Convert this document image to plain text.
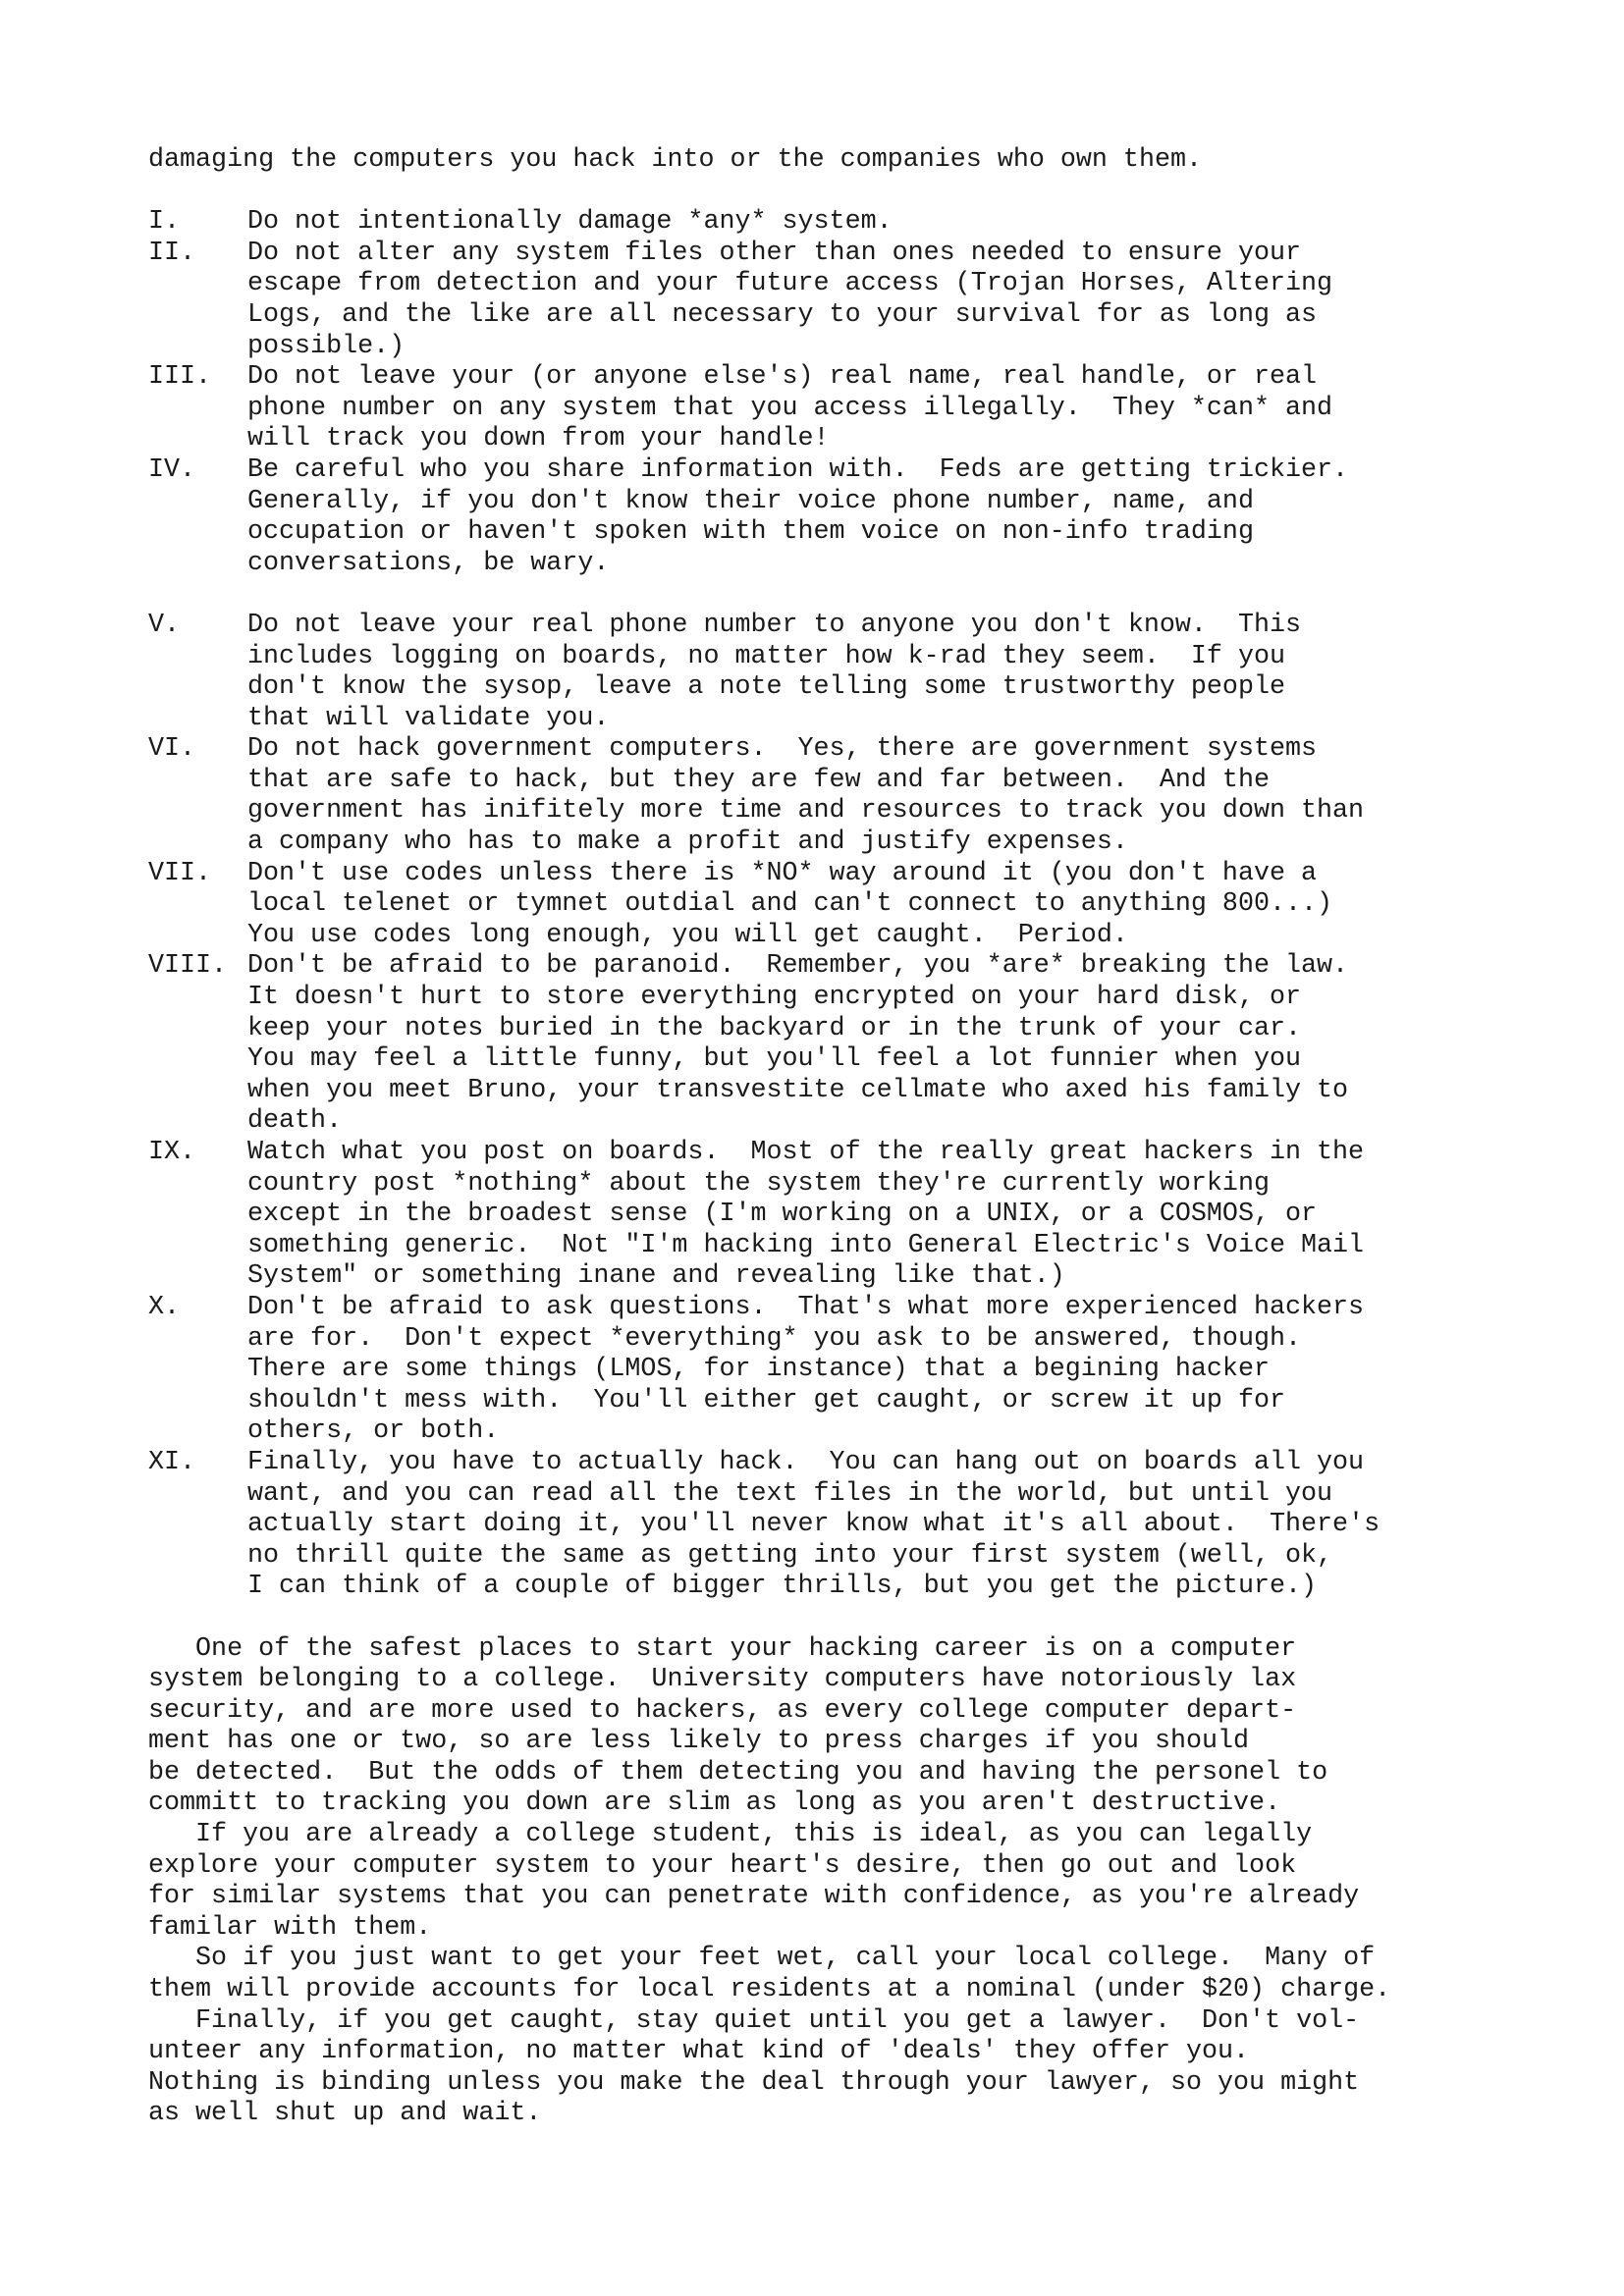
damaging the computers you hack into or the companies who own them.
I.	Do not intentionally damage *any* system.
II.	Do not alter any system files other than ones needed to ensure your
escape from detection and your future access (Trojan Horses, Altering
Logs, and the like are all necessary to your survival for as long as
possible.)
III.	Do not leave your (or anyone else's) real name, real handle, or real
phone number on any system that you access illegally.  They *can* and
will track you down from your handle!
IV.	Be careful who you share information with.  Feds are getting trickier.
Generally, if you don't know their voice phone number, name, and
occupation or haven't spoken with them voice on non-info trading
conversations, be wary.
V.	Do not leave your real phone number to anyone you don't know.  This
includes logging on boards, no matter how k-rad they seem.  If you
don't know the sysop, leave a note telling some trustworthy people
that will validate you.
VI.	Do not hack government computers.  Yes, there are government systems
that are safe to hack, but they are few and far between.  And the
government has inifitely more time and resources to track you down than
a company who has to make a profit and justify expenses.
VII.	Don't use codes unless there is *NO* way around it (you don't have a
local telenet or tymnet outdial and can't connect to anything 800...)
You use codes long enough, you will get caught.  Period.
VIII. Don't be afraid to be paranoid.  Remember, you *are* breaking the law.
It doesn't hurt to store everything encrypted on your hard disk, or
keep your notes buried in the backyard or in the trunk of your car.
You may feel a little funny, but you'll feel a lot funnier when you
when you meet Bruno, your transvestite cellmate who axed his family to
death.
IX.	Watch what you post on boards.  Most of the really great hackers in the
country post *nothing* about the system they're currently working
except in the broadest sense (I'm working on a UNIX, or a COSMOS, or
something generic.  Not "I'm hacking into General Electric's Voice Mail
System" or something inane and revealing like that.)
X.	Don't be afraid to ask questions.  That's what more experienced hackers
are for.  Don't expect *everything* you ask to be answered, though.
There are some things (LMOS, for instance) that a begining hacker
shouldn't mess with.  You'll either get caught, or screw it up for
others, or both.
XI.	Finally, you have to actually hack.  You can hang out on boards all you
want, and you can read all the text files in the world, but until you
actually start doing it, you'll never know what it's all about.  There's
no thrill quite the same as getting into your first system (well, ok,
I can think of a couple of bigger thrills, but you get the picture.)
One of the safest places to start your hacking career is on a computer
system belonging to a college.  University computers have notoriously lax
security, and are more used to hackers, as every college computer depart-
ment has one or two, so are less likely to press charges if you should
be detected.  But the odds of them detecting you and having the personel to
committ to tracking you down are slim as long as you aren't destructive.
If you are already a college student, this is ideal, as you can legally
explore your computer system to your heart's desire, then go out and look
for similar systems that you can penetrate with confidence, as you're already
familar with them.
So if you just want to get your feet wet, call your local college.  Many of
them will provide accounts for local residents at a nominal (under $20) charge.
Finally, if you get caught, stay quiet until you get a lawyer.  Don't vol-
unteer any information, no matter what kind of 'deals' they offer you.
Nothing is binding unless you make the deal through your lawyer, so you might
as well shut up and wait.
